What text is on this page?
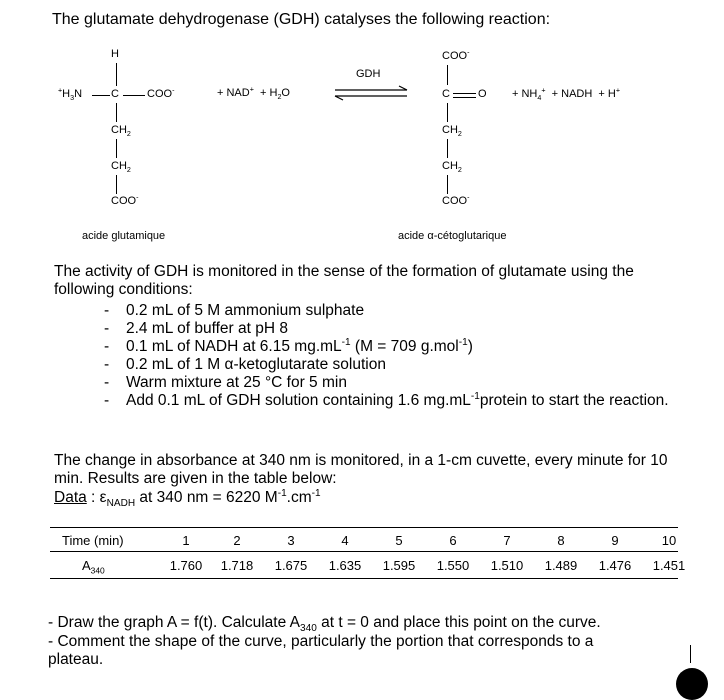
The glutamate dehydrogenase (GDH) catalyses the following reaction:
H
$^+H_3N$	C	COO-
$CH_2$
$CH_2$
COO-
acide glutamique
+ $NAD^+ + H_2O$
GDH
COO-
C	O
$CH_2$
$CH_2$
COO-
acide α-cétoglutarique
+ $NH_4^+$  + NADH  + H+
The activity of GDH is monitored in the sense of the formation of glutamate using the following conditions:
- 0.2 mL of 5 M ammonium sulphate
- 2.4 mL of buffer at pH 8
- 0.1 mL of NADH at 6.15 $mg.mL^{-1}$ (M = 709 g.mol$^{-1}$)
- 0.2 mL of 1 M α-ketoglutarate solution
- Warm mixture at 25 °C for 5 min
- Add 0.1 mL of GDH solution containing 1.6 $mg.mL^{-1}protein$ to start the reaction.
The change in absorbance at 340 nm is monitored, in a 1-cm cuvette, every minute for 10 min. Results are given in the table below:
Data : $\varepsilon_{NADH}$ at 340 nm = 6220 $M^{-1}.cm^{-1}$
Time (min)	1	2	3	4	5	6	7	8	9	10
$A_{340}$	1.760	1.718	1.675	1.635	1.595	1.550	1.510	1.489	1.476	1.451
- Draw the graph A = f(t). Calculate $A_{340}$ at t = 0 and place this point on the curve.
- Comment the shape of the curve, particularly the portion that corresponds to a plateau.
